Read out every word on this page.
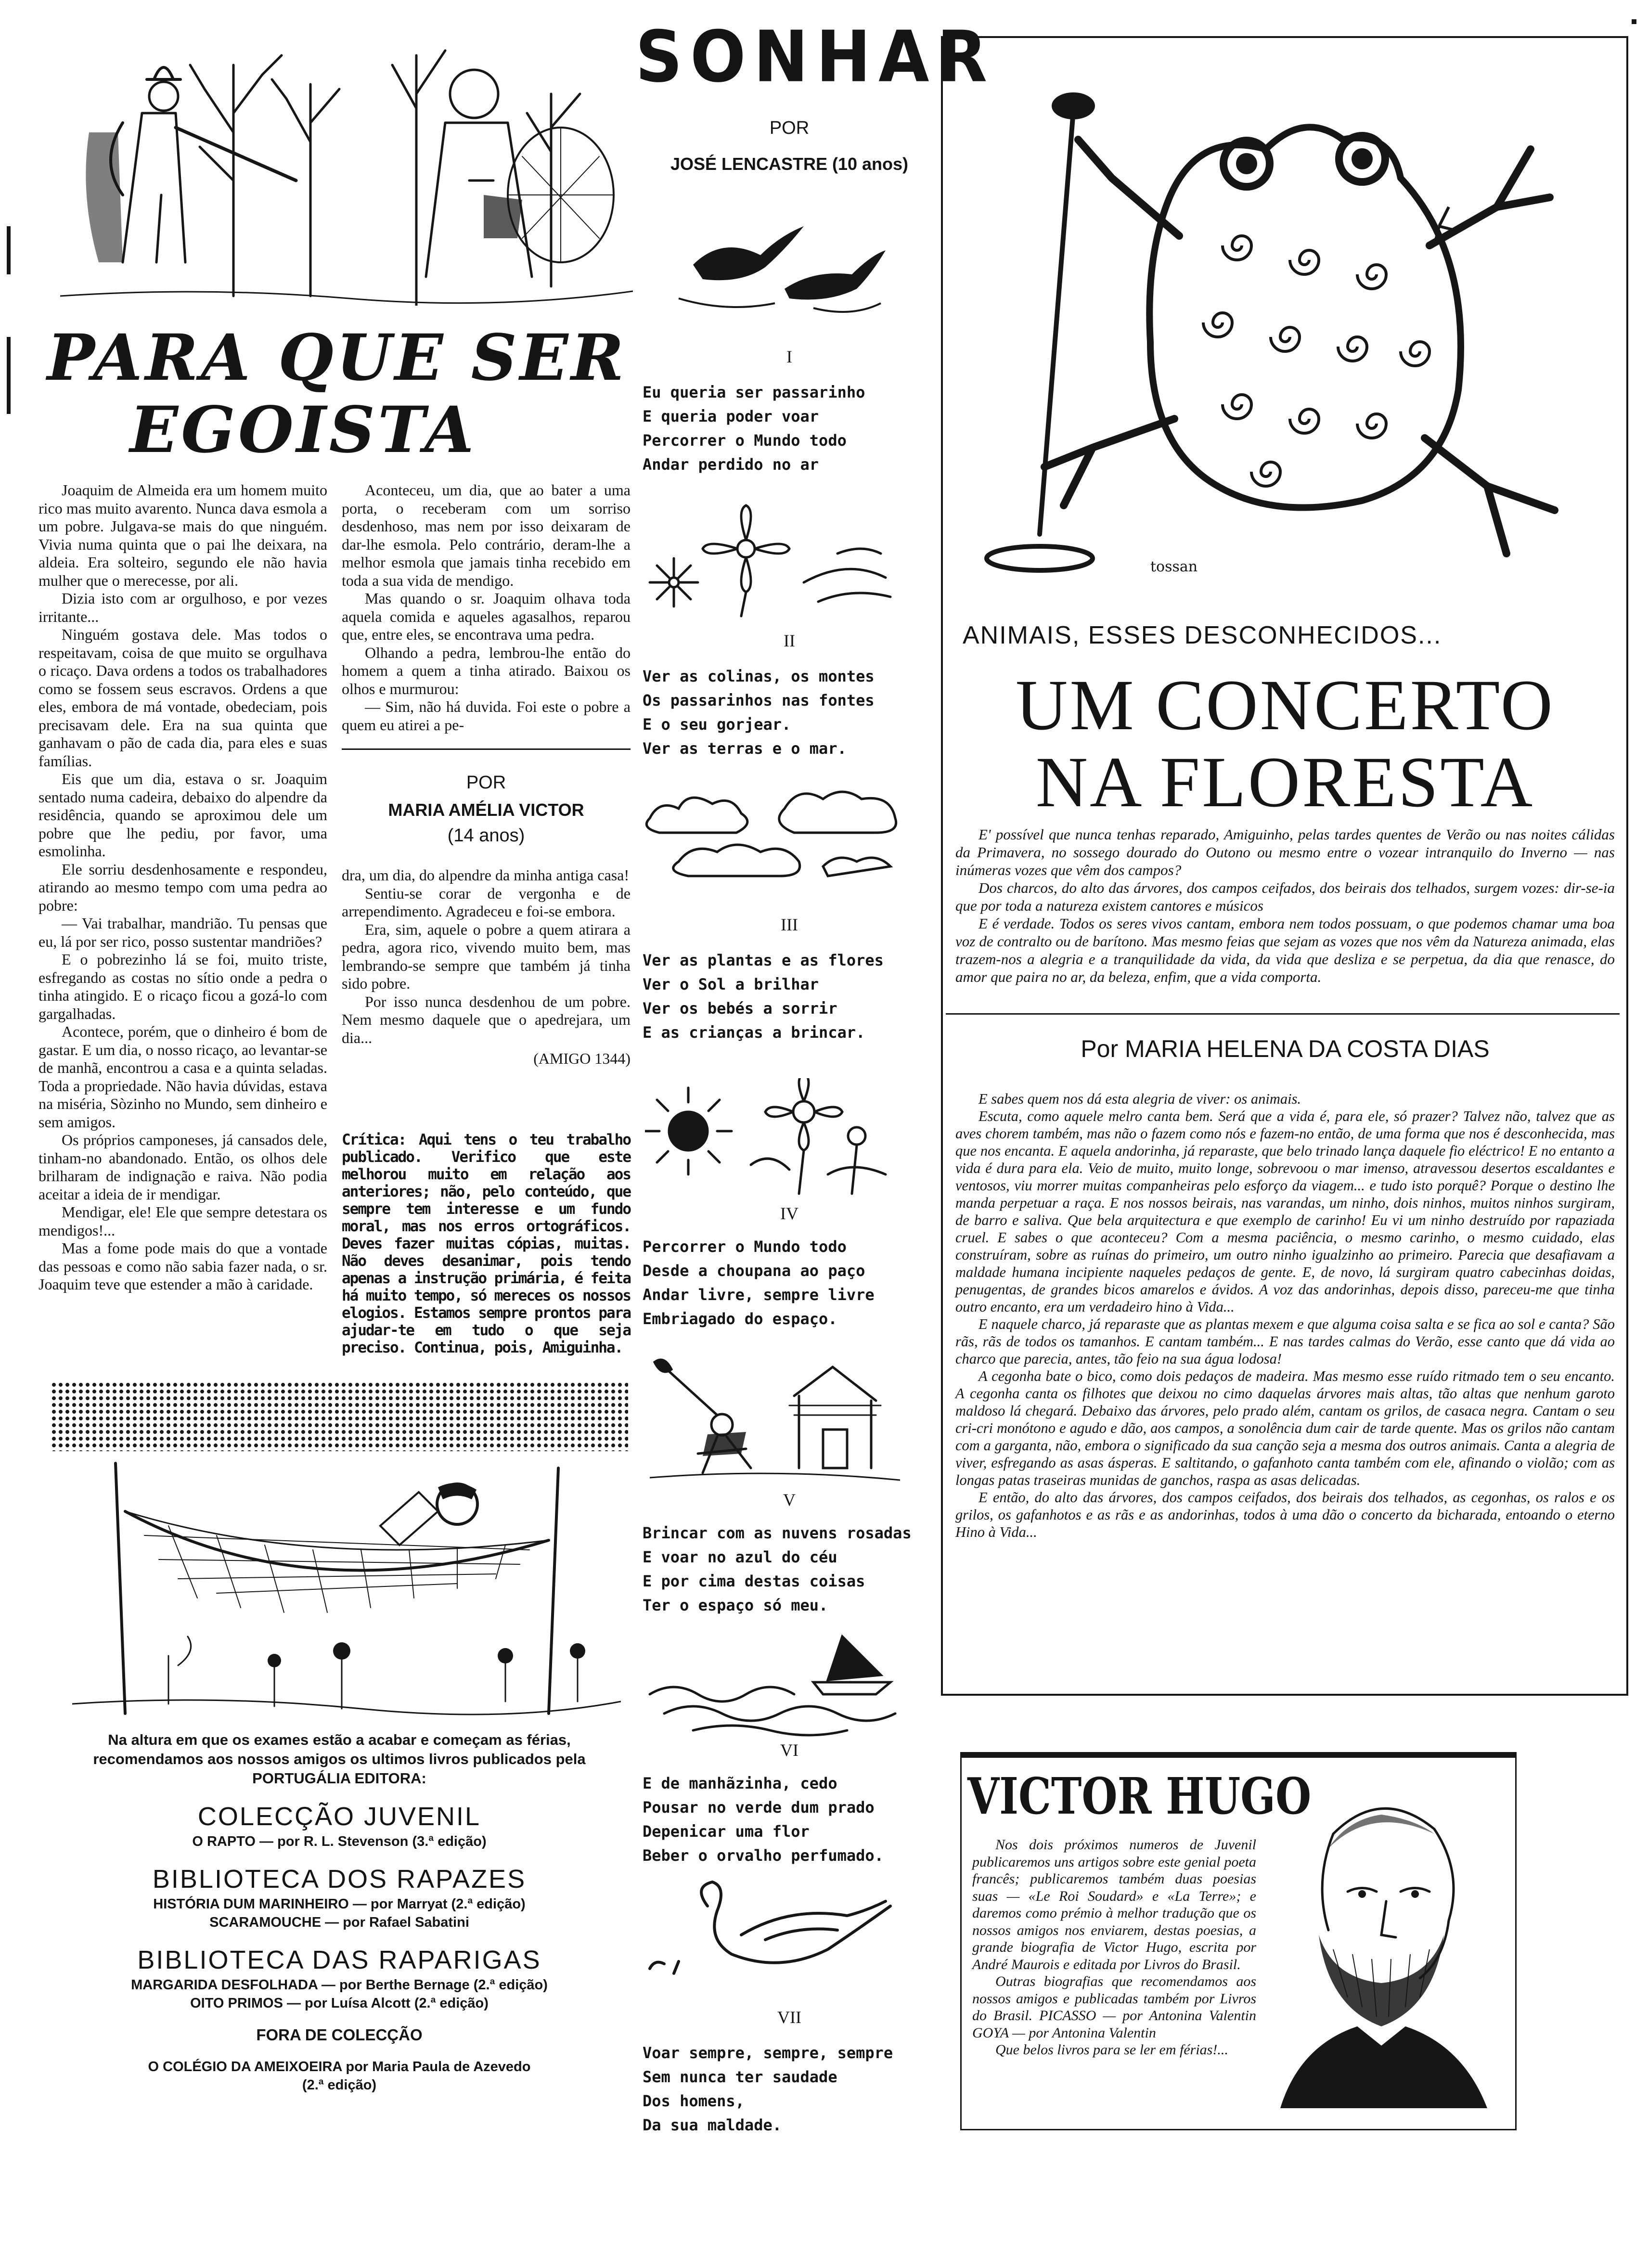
PARA QUE SER
EGOISTA

Joaquim de Almeida era um homem muito rico mas muito avarento. Nunca dava esmola a um pobre. Julgava-se mais do que ninguém. Vivia numa quinta que o pai lhe deixara, na aldeia. Era solteiro, segundo ele não havia mulher que o merecesse, por ali.

Dizia isto com ar orgulhoso, e por vezes irritante...

Ninguém gostava dele. Mas todos o respeitavam, coisa de que muito se orgulhava o ricaço. Dava ordens a todos os trabalhadores como se fossem seus escravos. Ordens a que eles, embora de má vontade, obedeciam, pois precisavam dele. Era na sua quinta que ganhavam o pão de cada dia, para eles e suas famílias.

Eis que um dia, estava o sr. Joaquim sentado numa cadeira, debaixo do alpendre da residência, quando se aproximou dele um pobre que lhe pediu, por favor, uma esmolinha.

Ele sorriu desdenhosamente e respondeu, atirando ao mesmo tempo com uma pedra ao pobre:

— Vai trabalhar, mandrião. Tu pensas que eu, lá por ser rico, posso sustentar mandriões?

E o pobrezinho lá se foi, muito triste, esfregando as costas no sítio onde a pedra o tinha atingido. E o ricaço ficou a gozá-lo com gargalhadas.

Acontece, porém, que o dinheiro é bom de gastar. E um dia, o nosso ricaço, ao levantar-se de manhã, encontrou a casa e a quinta seladas. Toda a propriedade. Não havia dúvidas, estava na miséria, Sòzinho no Mundo, sem dinheiro e sem amigos.

Os próprios camponeses, já cansados dele, tinham-no abandonado. Então, os olhos dele brilharam de indignação e raiva. Não podia aceitar a ideia de ir mendigar.

Mendigar, ele! Ele que sempre detestara os mendigos!...

Mas a fome pode mais do que a vontade das pessoas e como não sabia fazer nada, o sr. Joaquim teve que estender a mão à caridade.

Aconteceu, um dia, que ao bater a uma porta, o receberam com um sorriso desdenhoso, mas nem por isso deixaram de dar-lhe esmola. Pelo contrário, deram-lhe a melhor esmola que jamais tinha recebido em toda a sua vida de mendigo.

Mas quando o sr. Joaquim olhava toda aquela comida e aqueles agasalhos, reparou que, entre eles, se encontrava uma pedra.

Olhando a pedra, lembrou-lhe então do homem a quem a tinha atirado. Baixou os olhos e murmurou:

— Sim, não há duvida. Foi este o pobre a quem eu atirei a pe-

POR
MARIA AMÉLIA VICTOR
(14 anos)

dra, um dia, do alpendre da minha antiga casa!

Sentiu-se corar de vergonha e de arrependimento. Agradeceu e foi-se embora.

Era, sim, aquele o pobre a quem atirara a pedra, agora rico, vivendo muito bem, mas lembrando-se sempre que também já tinha sido pobre.

Por isso nunca desdenhou de um pobre. Nem mesmo daquele que o apedrejara, um dia...

(AMIGO 1344)

Crítica: Aqui tens o teu trabalho publicado. Verifico que este melhorou muito em relação aos anteriores; não, pelo conteúdo, que sempre tem interesse e um fundo moral, mas nos erros ortográficos. Deves fazer muitas cópias, muitas. Não deves desanimar, pois tendo apenas a instrução primária, é feita há muito tempo, só mereces os nossos elogios. Estamos sempre prontos para ajudar-te em tudo o que seja preciso. Continua, pois, Amiguinha.
Na altura em que os exames estão a acabar e começam as férias, recomendamos aos nossos amigos os ultimos livros publicados pela PORTUGÁLIA EDITORA:
COLECÇÃO JUVENIL
O RAPTO — por R. L. Stevenson (3.ª edição)
BIBLIOTECA DOS RAPAZES
HISTÓRIA DUM MARINHEIRO — por Marryat (2.ª edição)
SCARAMOUCHE — por Rafael Sabatini
BIBLIOTECA DAS RAPARIGAS
MARGARIDA DESFOLHADA — por Berthe Bernage (2.ª edição)
OITO PRIMOS — por Luísa Alcott (2.ª edição)
FORA DE COLECÇÃO
O COLÉGIO DA AMEIXOEIRA por Maria Paula de Azevedo
(2.ª edição)
SONHAR
POR
JOSÉ LENCASTRE (10 anos)
I
Eu queria ser passarinho
E queria poder voar
Percorrer o Mundo todo
Andar perdido no ar
II
Ver as colinas, os montes
Os passarinhos nas fontes
E o seu gorjear.
Ver as terras e o mar.
III
Ver as plantas e as flores
Ver o Sol a brilhar
Ver os bebés a sorrir
E as crianças a brincar.
IV
Percorrer o Mundo todo
Desde a choupana ao paço
Andar livre, sempre livre
Embriagado do espaço.
V
Brincar com as nuvens rosadas
E voar no azul do céu
E por cima destas coisas
Ter o espaço só meu.
VI
E de manhãzinha, cedo
Pousar no verde dum prado
Depenicar uma flor
Beber o orvalho perfumado.
VII
Voar sempre, sempre, sempre
Sem nunca ter saudade
Dos homens,
Da sua maldade.
tossan
ANIMAIS, ESSES DESCONHECIDOS...
UM CONCERTO
NA FLORESTA

E' possível que nunca tenhas reparado, Amiguinho, pelas tardes quentes de Verão ou nas noites cálidas da Primavera, no sossego dourado do Outono ou mesmo entre o vozear intranquilo do Inverno — nas inúmeras vozes que vêm dos campos?

Dos charcos, do alto das árvores, dos campos ceifados, dos beirais dos telhados, surgem vozes: dir-se-ia que por toda a natureza existem cantores e músicos

E é verdade. Todos os seres vivos cantam, embora nem todos possuam, o que podemos chamar uma boa voz de contralto ou de barítono. Mas mesmo feias que sejam as vozes que nos vêm da Natureza animada, elas trazem-nos a alegria e a tranquilidade da vida, da vida que desliza e se perpetua, da dia que renasce, do amor que paira no ar, da beleza, enfim, que a vida comporta.

Por MARIA HELENA DA COSTA DIAS

E sabes quem nos dá esta alegria de viver: os animais.

Escuta, como aquele melro canta bem. Será que a vida é, para ele, só prazer? Talvez não, talvez que as aves chorem também, mas não o fazem como nós e fazem-no então, de uma forma que nos é desconhecida, mas que nos encanta. E aquela andorinha, já reparaste, que belo trinado lança daquele fio eléctrico! E no entanto a vida é dura para ela. Veio de muito, muito longe, sobrevoou o mar imenso, atravessou desertos escaldantes e ventosos, viu morrer muitas companheiras pelo esforço da viagem... e tudo isto porquê? Porque o destino lhe manda perpetuar a raça. E nos nossos beirais, nas varandas, um ninho, dois ninhos, muitos ninhos surgiram, de barro e saliva. Que bela arquitectura e que exemplo de carinho! Eu vi um ninho destruído por rapaziada cruel. E sabes o que aconteceu? Com a mesma paciência, o mesmo carinho, o mesmo cuidado, elas construíram, sobre as ruínas do primeiro, um outro ninho igualzinho ao primeiro. Parecia que desafiavam a maldade humana incipiente naqueles pedaços de gente. E, de novo, lá surgiram quatro cabecinhas doidas, penugentas, de grandes bicos amarelos e ávidos. A voz das andorinhas, depois disso, pareceu-me que tinha outro encanto, era um verdadeiro hino à Vida...

E naquele charco, já reparaste que as plantas mexem e que alguma coisa salta e se fica ao sol e canta? São rãs, rãs de todos os tamanhos. E cantam também... E nas tardes calmas do Verão, esse canto que dá vida ao charco que parecia, antes, tão feio na sua água lodosa!

A cegonha bate o bico, como dois pedaços de madeira. Mas mesmo esse ruído ritmado tem o seu encanto. A cegonha canta os filhotes que deixou no cimo daquelas árvores mais altas, tão altas que nenhum garoto maldoso lá chegará. Debaixo das árvores, pelo prado além, cantam os grilos, de casaca negra. Cantam o seu cri-cri monótono e agudo e dão, aos campos, a sonolência dum cair de tarde quente. Mas os grilos não cantam com a garganta, não, embora o significado da sua canção seja a mesma dos outros animais. Canta a alegria de viver, esfregando as asas ásperas. E saltitando, o gafanhoto canta também com ele, afinando o violão; com as longas patas traseiras munidas de ganchos, raspa as asas delicadas.

E então, do alto das árvores, dos campos ceifados, dos beirais dos telhados, as cegonhas, os ralos e os grilos, os gafanhotos e as rãs e as andorinhas, todos à uma dão o concerto da bicharada, entoando o eterno Hino à Vida...

VICTOR HUGO

Nos dois próximos numeros de Juvenil publicaremos uns artigos sobre este genial poeta francês; publicaremos também duas poesias suas — «Le Roi Soudard» e «La Terre»; e daremos como prémio à melhor tradução que os nossos amigos nos enviarem, destas poesias, a grande biografia de Victor Hugo, escrita por André Maurois e editada por Livros do Brasil.

Outras biografias que recomendamos aos nossos amigos e publicadas também por Livros do Brasil. PICASSO — por Antonina Valentin GOYA — por Antonina Valentin

Que belos livros para se ler em férias!...
